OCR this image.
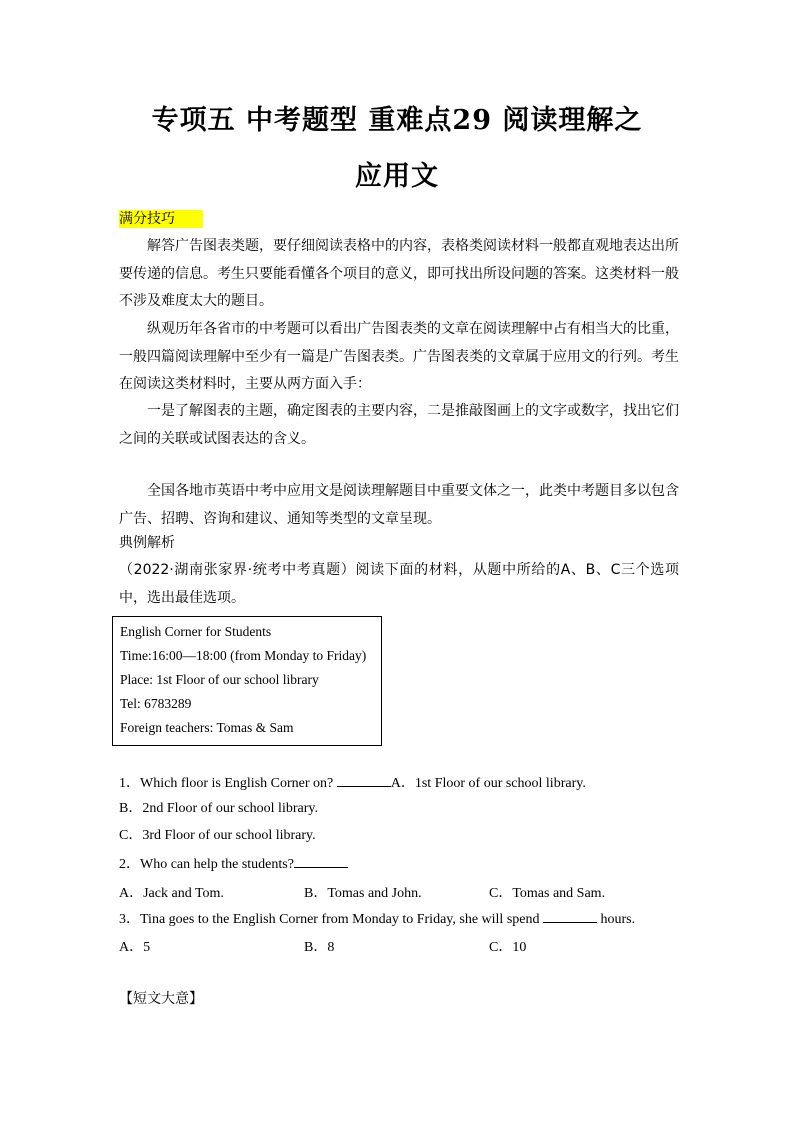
专项五 中考题型 重难点29 阅读理解之
应用文
满分技巧
解答广告图表类题，要仔细阅读表格中的内容，表格类阅读材料一般都直观地表达出所要传递的信息。考生只要能看懂各个项目的意义，即可找出所设问题的答案。这类材料一般不涉及难度太大的题目。
纵观历年各省市的中考题可以看出广告图表类的文章在阅读理解中占有相当大的比重，一般四篇阅读理解中至少有一篇是广告图表类。广告图表类的文章属于应用文的行列。考生在阅读这类材料时，主要从两方面入手：
一是了解图表的主题，确定图表的主要内容，二是推敲图画上的文字或数字，找出它们之间的关联或试图表达的含义。
全国各地市英语中考中应用文是阅读理解题目中重要文体之一，此类中考题目多以包含广告、招聘、咨询和建议、通知等类型的文章呈现。
典例解析
（2022·湖南张家界·统考中考真题）阅读下面的材料，从题中所给的A、B、C三个选项中，选出最佳选项。
English Corner for Students
Time:16:00—18:00 (from Monday to Friday)
Place: 1st Floor of our school library
Tel: 6783289
Foreign teachers: Tomas & Sam
1．Which floor is English Corner on?	A．1st Floor of our school library.
B．2nd Floor of our school library.
C．3rd Floor of our school library.
2．Who can help the students?
A．Jack and Tom.	B．Tomas and John.	C．Tomas and Sam.
3．Tina goes to the English Corner from Monday to Friday, she will spend	hours.
A．5	B．8	C．10
【短文大意】
